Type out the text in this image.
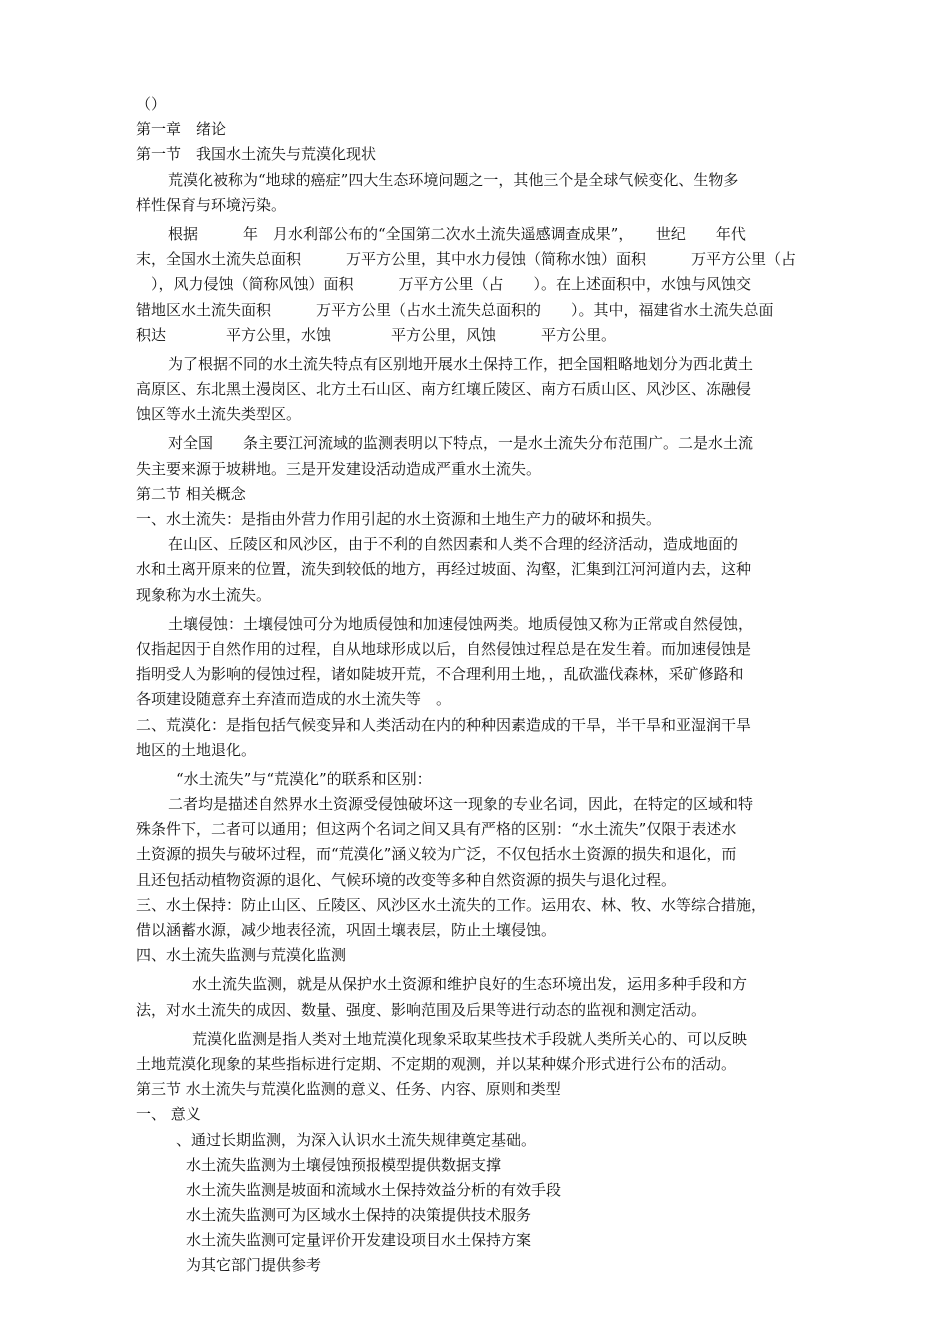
（）
第一章　绪论
第一节　我国水土流失与荒漠化现状
荒漠化被称为“地球的癌症”四大生态环境问题之一，其他三个是全球气候变化、生物多
样性保育与环境污染。
根据　　　年　月水利部公布的“全国第二次水土流失遥感调查成果”，　　世纪　　年代
末，全国水土流失总面积　　　万平方公里，其中水力侵蚀（简称水蚀）面积　　　万平方公里（占
　），风力侵蚀（简称风蚀）面积　　　万平方公里（占　　）。在上述面积中，水蚀与风蚀交
错地区水土流失面积　　　万平方公里（占水土流失总面积的　　）。其中，福建省水土流失总面
积达　　　　平方公里，水蚀　　　　平方公里，风蚀　　　平方公里。
为了根据不同的水土流失特点有区别地开展水土保持工作，把全国粗略地划分为西北黄土
高原区、东北黑土漫岗区、北方土石山区、南方红壤丘陵区、南方石质山区、风沙区、冻融侵
蚀区等水土流失类型区。
对全国　　条主要江河流域的监测表明以下特点，一是水土流失分布范围广。二是水土流
失主要来源于坡耕地。三是开发建设活动造成严重水土流失。
第二节 相关概念
一、水土流失：是指由外营力作用引起的水土资源和土地生产力的破坏和损失。
在山区、丘陵区和风沙区，由于不利的自然因素和人类不合理的经济活动，造成地面的
水和土离开原来的位置，流失到较低的地方，再经过坡面、沟壑，汇集到江河河道内去，这种
现象称为水土流失。
土壤侵蚀：土壤侵蚀可分为地质侵蚀和加速侵蚀两类。地质侵蚀又称为正常或自然侵蚀，
仅指起因于自然作用的过程，自从地球形成以后，自然侵蚀过程总是在发生着。而加速侵蚀是
指明受人为影响的侵蚀过程，诸如陡坡开荒，不合理利用土地，，乱砍滥伐森林，采矿修路和
各项建设随意弃土弃渣而造成的水土流失等　。
二、荒漠化：是指包括气候变异和人类活动在内的种种因素造成的干旱，半干旱和亚湿润干旱
地区的土地退化。
“水土流失”与“荒漠化”的联系和区别：
二者均是描述自然界水土资源受侵蚀破坏这一现象的专业名词，因此，在特定的区域和特
殊条件下，二者可以通用；但这两个名词之间又具有严格的区别：“水土流失”仅限于表述水
土资源的损失与破坏过程，而“荒漠化”涵义较为广泛，不仅包括水土资源的损失和退化，而
且还包括动植物资源的退化、气候环境的改变等多种自然资源的损失与退化过程。
三、水土保持：防止山区、丘陵区、风沙区水土流失的工作。运用农、林、牧、水等综合措施，
借以涵蓄水源，减少地表径流，巩固土壤表层，防止土壤侵蚀。
四、水土流失监测与荒漠化监测
水土流失监测，就是从保护水土资源和维护良好的生态环境出发，运用多种手段和方
法，对水土流失的成因、数量、强度、影响范围及后果等进行动态的监视和测定活动。
荒漠化监测是指人类对土地荒漠化现象采取某些技术手段就人类所关心的、可以反映
土地荒漠化现象的某些指标进行定期、不定期的观测，并以某种媒介形式进行公布的活动。
第三节 水土流失与荒漠化监测的意义、任务、内容、原则和类型
一、 意义
、通过长期监测，为深入认识水土流失规律奠定基础。
水土流失监测为土壤侵蚀预报模型提供数据支撑
水土流失监测是坡面和流域水土保持效益分析的有效手段
水土流失监测可为区域水土保持的决策提供技术服务
水土流失监测可定量评价开发建设项目水土保持方案
为其它部门提供参考
